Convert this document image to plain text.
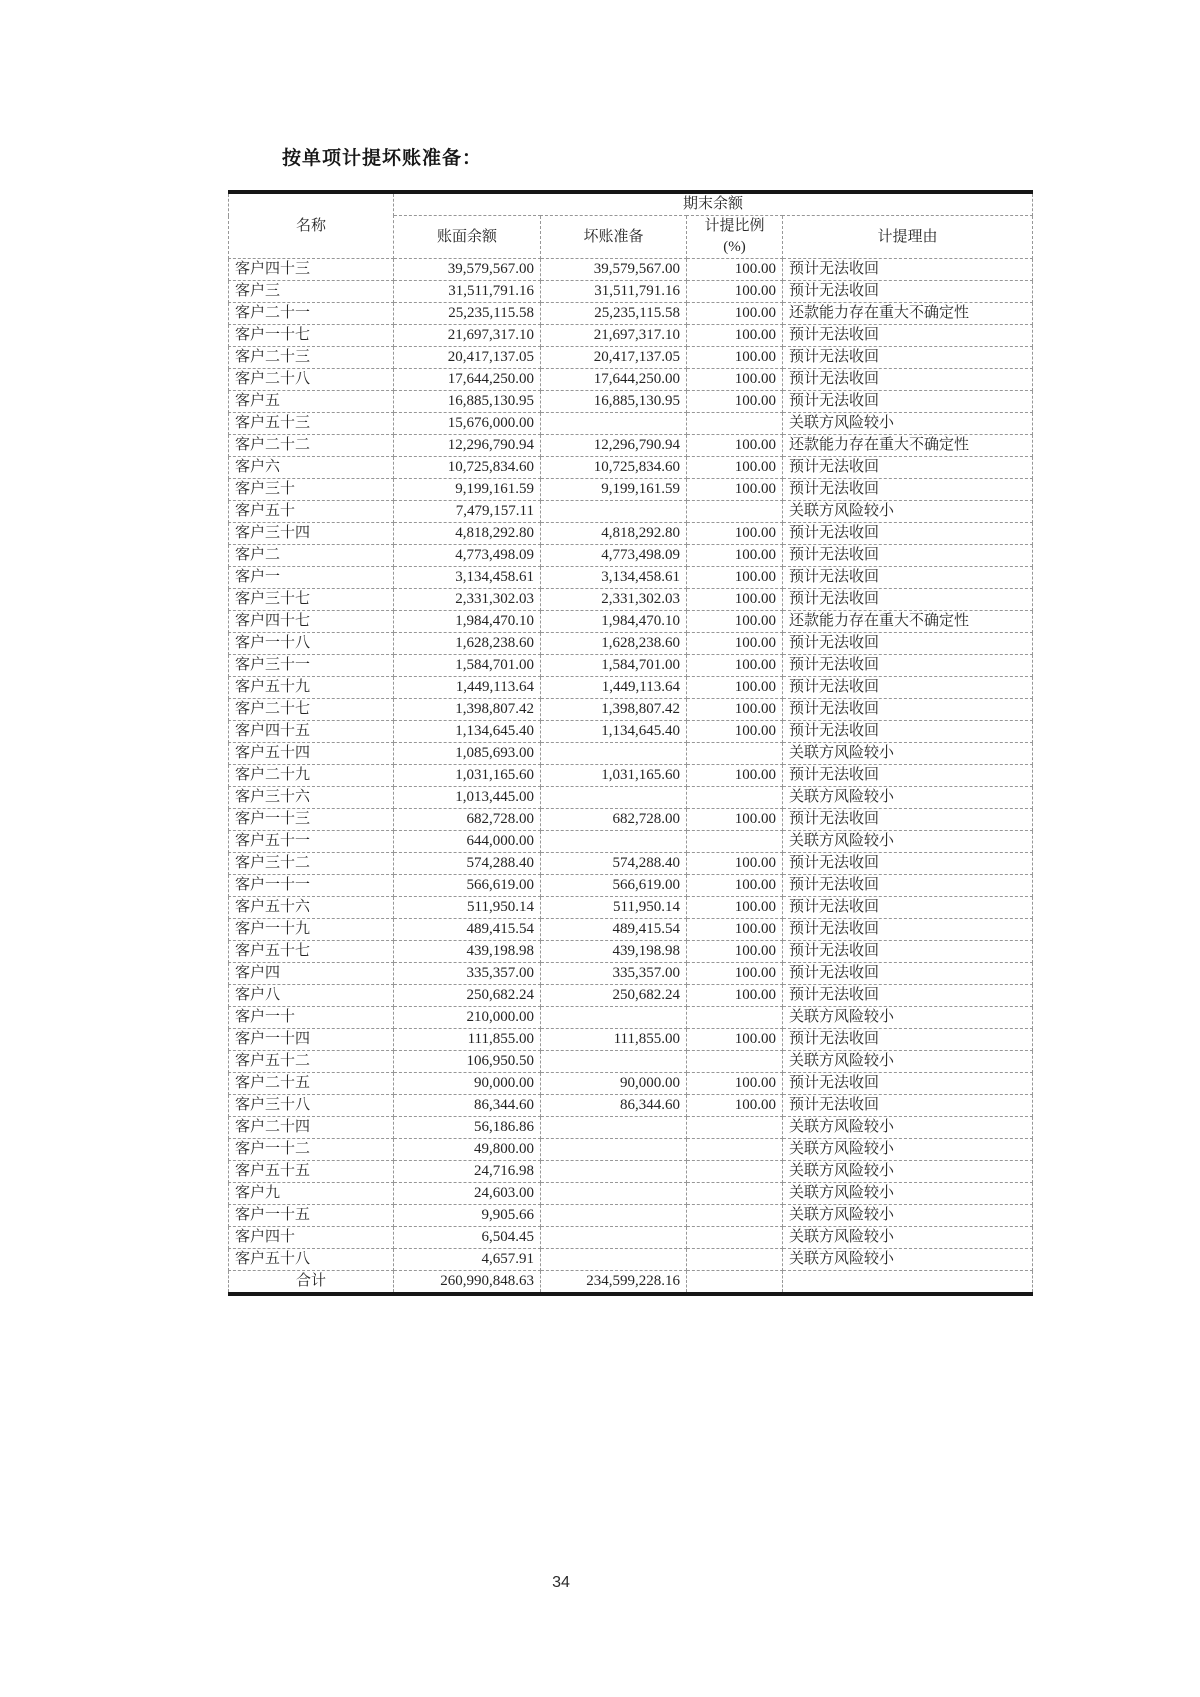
按单项计提坏账准备：
名称	期末余额			
	账面余额	坏账准备	计提比例
(%)	计提理由
客户四十三	39,579,567.00	39,579,567.00	100.00	预计无法收回
客户三	31,511,791.16	31,511,791.16	100.00	预计无法收回
客户二十一	25,235,115.58	25,235,115.58	100.00	还款能力存在重大不确定性
客户一十七	21,697,317.10	21,697,317.10	100.00	预计无法收回
客户二十三	20,417,137.05	20,417,137.05	100.00	预计无法收回
客户二十八	17,644,250.00	17,644,250.00	100.00	预计无法收回
客户五	16,885,130.95	16,885,130.95	100.00	预计无法收回
客户五十三	15,676,000.00			关联方风险较小
客户二十二	12,296,790.94	12,296,790.94	100.00	还款能力存在重大不确定性
客户六	10,725,834.60	10,725,834.60	100.00	预计无法收回
客户三十	9,199,161.59	9,199,161.59	100.00	预计无法收回
客户五十	7,479,157.11			关联方风险较小
客户三十四	4,818,292.80	4,818,292.80	100.00	预计无法收回
客户二	4,773,498.09	4,773,498.09	100.00	预计无法收回
客户一	3,134,458.61	3,134,458.61	100.00	预计无法收回
客户三十七	2,331,302.03	2,331,302.03	100.00	预计无法收回
客户四十七	1,984,470.10	1,984,470.10	100.00	还款能力存在重大不确定性
客户一十八	1,628,238.60	1,628,238.60	100.00	预计无法收回
客户三十一	1,584,701.00	1,584,701.00	100.00	预计无法收回
客户五十九	1,449,113.64	1,449,113.64	100.00	预计无法收回
客户二十七	1,398,807.42	1,398,807.42	100.00	预计无法收回
客户四十五	1,134,645.40	1,134,645.40	100.00	预计无法收回
客户五十四	1,085,693.00			关联方风险较小
客户二十九	1,031,165.60	1,031,165.60	100.00	预计无法收回
客户三十六	1,013,445.00			关联方风险较小
客户一十三	682,728.00	682,728.00	100.00	预计无法收回
客户五十一	644,000.00			关联方风险较小
客户三十二	574,288.40	574,288.40	100.00	预计无法收回
客户一十一	566,619.00	566,619.00	100.00	预计无法收回
客户五十六	511,950.14	511,950.14	100.00	预计无法收回
客户一十九	489,415.54	489,415.54	100.00	预计无法收回
客户五十七	439,198.98	439,198.98	100.00	预计无法收回
客户四	335,357.00	335,357.00	100.00	预计无法收回
客户八	250,682.24	250,682.24	100.00	预计无法收回
客户一十	210,000.00			关联方风险较小
客户一十四	111,855.00	111,855.00	100.00	预计无法收回
客户五十二	106,950.50			关联方风险较小
客户二十五	90,000.00	90,000.00	100.00	预计无法收回
客户三十八	86,344.60	86,344.60	100.00	预计无法收回
客户二十四	56,186.86			关联方风险较小
客户一十二	49,800.00			关联方风险较小
客户五十五	24,716.98			关联方风险较小
客户九	24,603.00			关联方风险较小
客户一十五	9,905.66			关联方风险较小
客户四十	6,504.45			关联方风险较小
客户五十八	4,657.91			关联方风险较小
合计	260,990,848.63	234,599,228.16		
34
